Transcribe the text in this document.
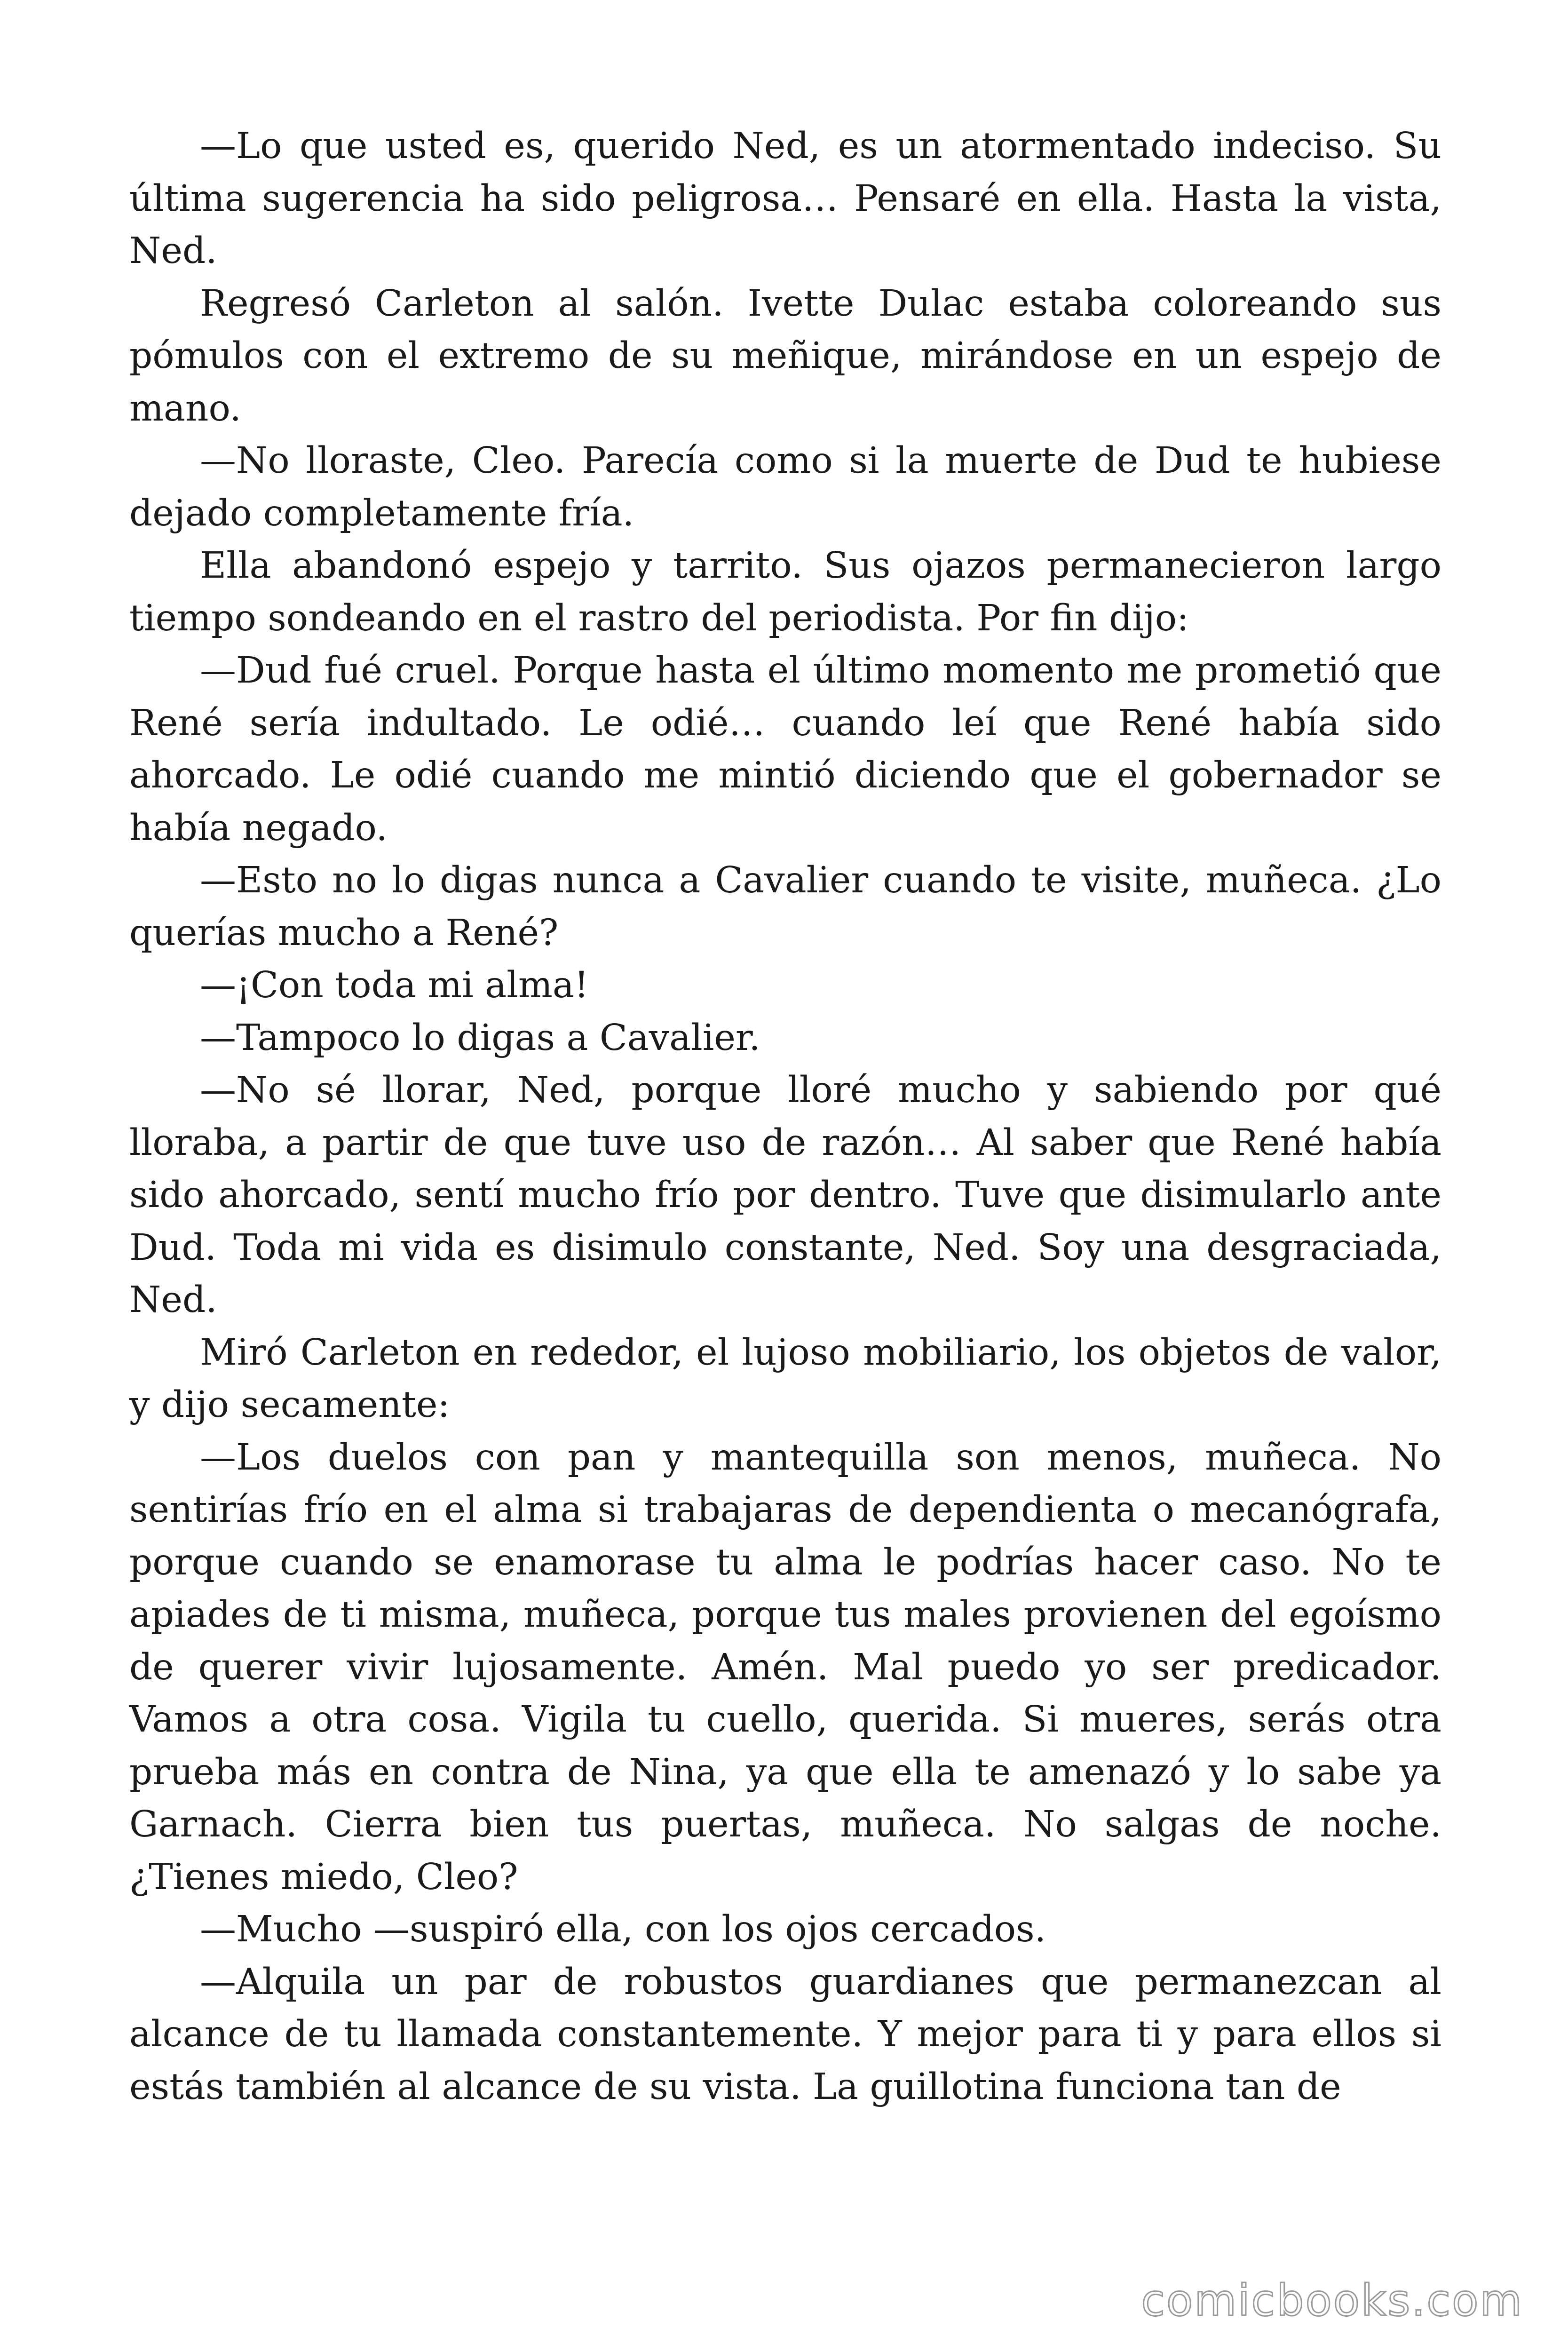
—Lo que usted es, querido Ned, es un atormentado indeciso. Su última sugerencia ha sido peligrosa… Pensaré en ella. Hasta la vista, Ned.

Regresó Carleton al salón. Ivette Dulac estaba coloreando sus pómulos con el extremo de su meñique, mirándose en un espejo de mano.

—No lloraste, Cleo. Parecía como si la muerte de Dud te hubiese dejado completamente fría.

Ella abandonó espejo y tarrito. Sus ojazos permanecieron largo tiempo sondeando en el rastro del periodista. Por fin dijo:

—Dud fué cruel. Porque hasta el último momento me prometió que René sería indultado. Le odié… cuando leí que René había sido ahorcado. Le odié cuando me mintió diciendo que el gobernador se había negado.

—Esto no lo digas nunca a Cavalier cuando te visite, muñeca. ¿Lo querías mucho a René?

—¡Con toda mi alma!

—Tampoco lo digas a Cavalier.

—No sé llorar, Ned, porque lloré mucho y sabiendo por qué lloraba, a partir de que tuve uso de razón… Al saber que René había sido ahorcado, sentí mucho frío por dentro. Tuve que disimularlo ante Dud. Toda mi vida es disimulo constante, Ned. Soy una desgraciada, Ned.

Miró Carleton en rededor, el lujoso mobiliario, los objetos de valor, y dijo secamente:

—Los duelos con pan y mantequilla son menos, muñeca. No sentirías frío en el alma si trabajaras de dependienta o mecanógrafa, porque cuando se enamorase tu alma le podrías hacer caso. No te apiades de ti misma, muñeca, porque tus males provienen del egoísmo de querer vivir lujosamente. Amén. Mal puedo yo ser predicador. Vamos a otra cosa. Vigila tu cuello, querida. Si mueres, serás otra prueba más en contra de Nina, ya que ella te amenazó y lo sabe ya Garnach. Cierra bien tus puertas, muñeca. No salgas de noche. ¿Tienes miedo, Cleo?

—Mucho —suspiró ella, con los ojos cercados.

—Alquila un par de robustos guardianes que permanezcan al alcance de tu llamada constantemente. Y mejor para ti y para ellos si estás también al alcance de su vista. La guillotina funciona tan de

comicbooks.com
